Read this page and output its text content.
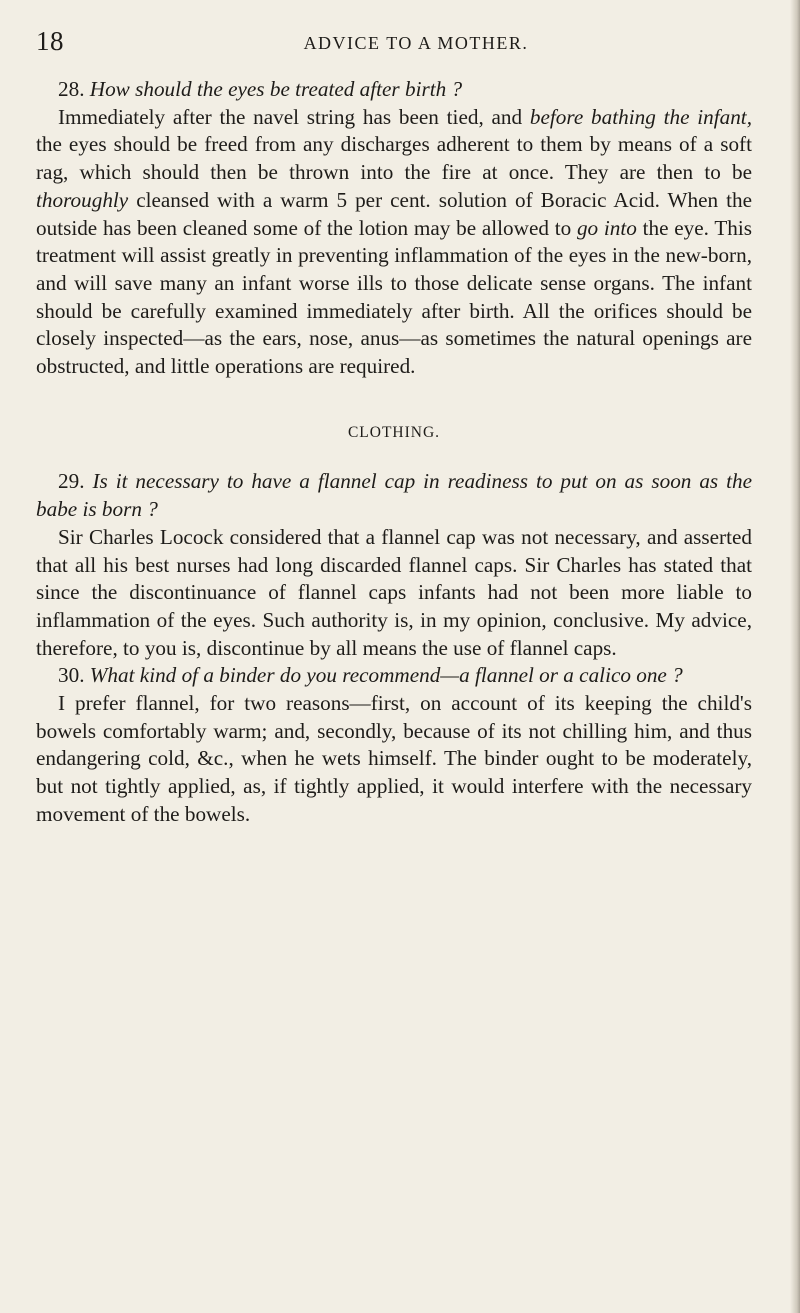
18	ADVICE TO A MOTHER.

28. How should the eyes be treated after birth ?

Immediately after the navel string has been tied, and before bathing the infant, the eyes should be freed from any discharges adherent to them by means of a soft rag, which should then be thrown into the fire at once. They are then to be thoroughly cleansed with a warm 5 per cent. solution of Boracic Acid. When the outside has been cleaned some of the lotion may be allowed to go into the eye. This treatment will assist greatly in preventing inflammation of the eyes in the new-born, and will save many an infant worse ills to those delicate sense organs. The infant should be carefully examined immediately after birth. All the orifices should be closely inspected—as the ears, nose, anus—as sometimes the natural openings are obstructed, and little operations are required.

CLOTHING.

29. Is it necessary to have a flannel cap in readiness to put on as soon as the babe is born ?

Sir Charles Locock considered that a flannel cap was not necessary, and asserted that all his best nurses had long discarded flannel caps. Sir Charles has stated that since the discontinuance of flannel caps infants had not been more liable to inflammation of the eyes. Such authority is, in my opinion, conclusive. My advice, therefore, to you is, discontinue by all means the use of flannel caps.

30. What kind of a binder do you recommend—a flannel or a calico one ?

I prefer flannel, for two reasons—first, on account of its keeping the child's bowels comfortably warm; and, secondly, because of its not chilling him, and thus endangering cold, &c., when he wets himself. The binder ought to be moderately, but not tightly applied, as, if tightly applied, it would interfere with the necessary movement of the bowels.
